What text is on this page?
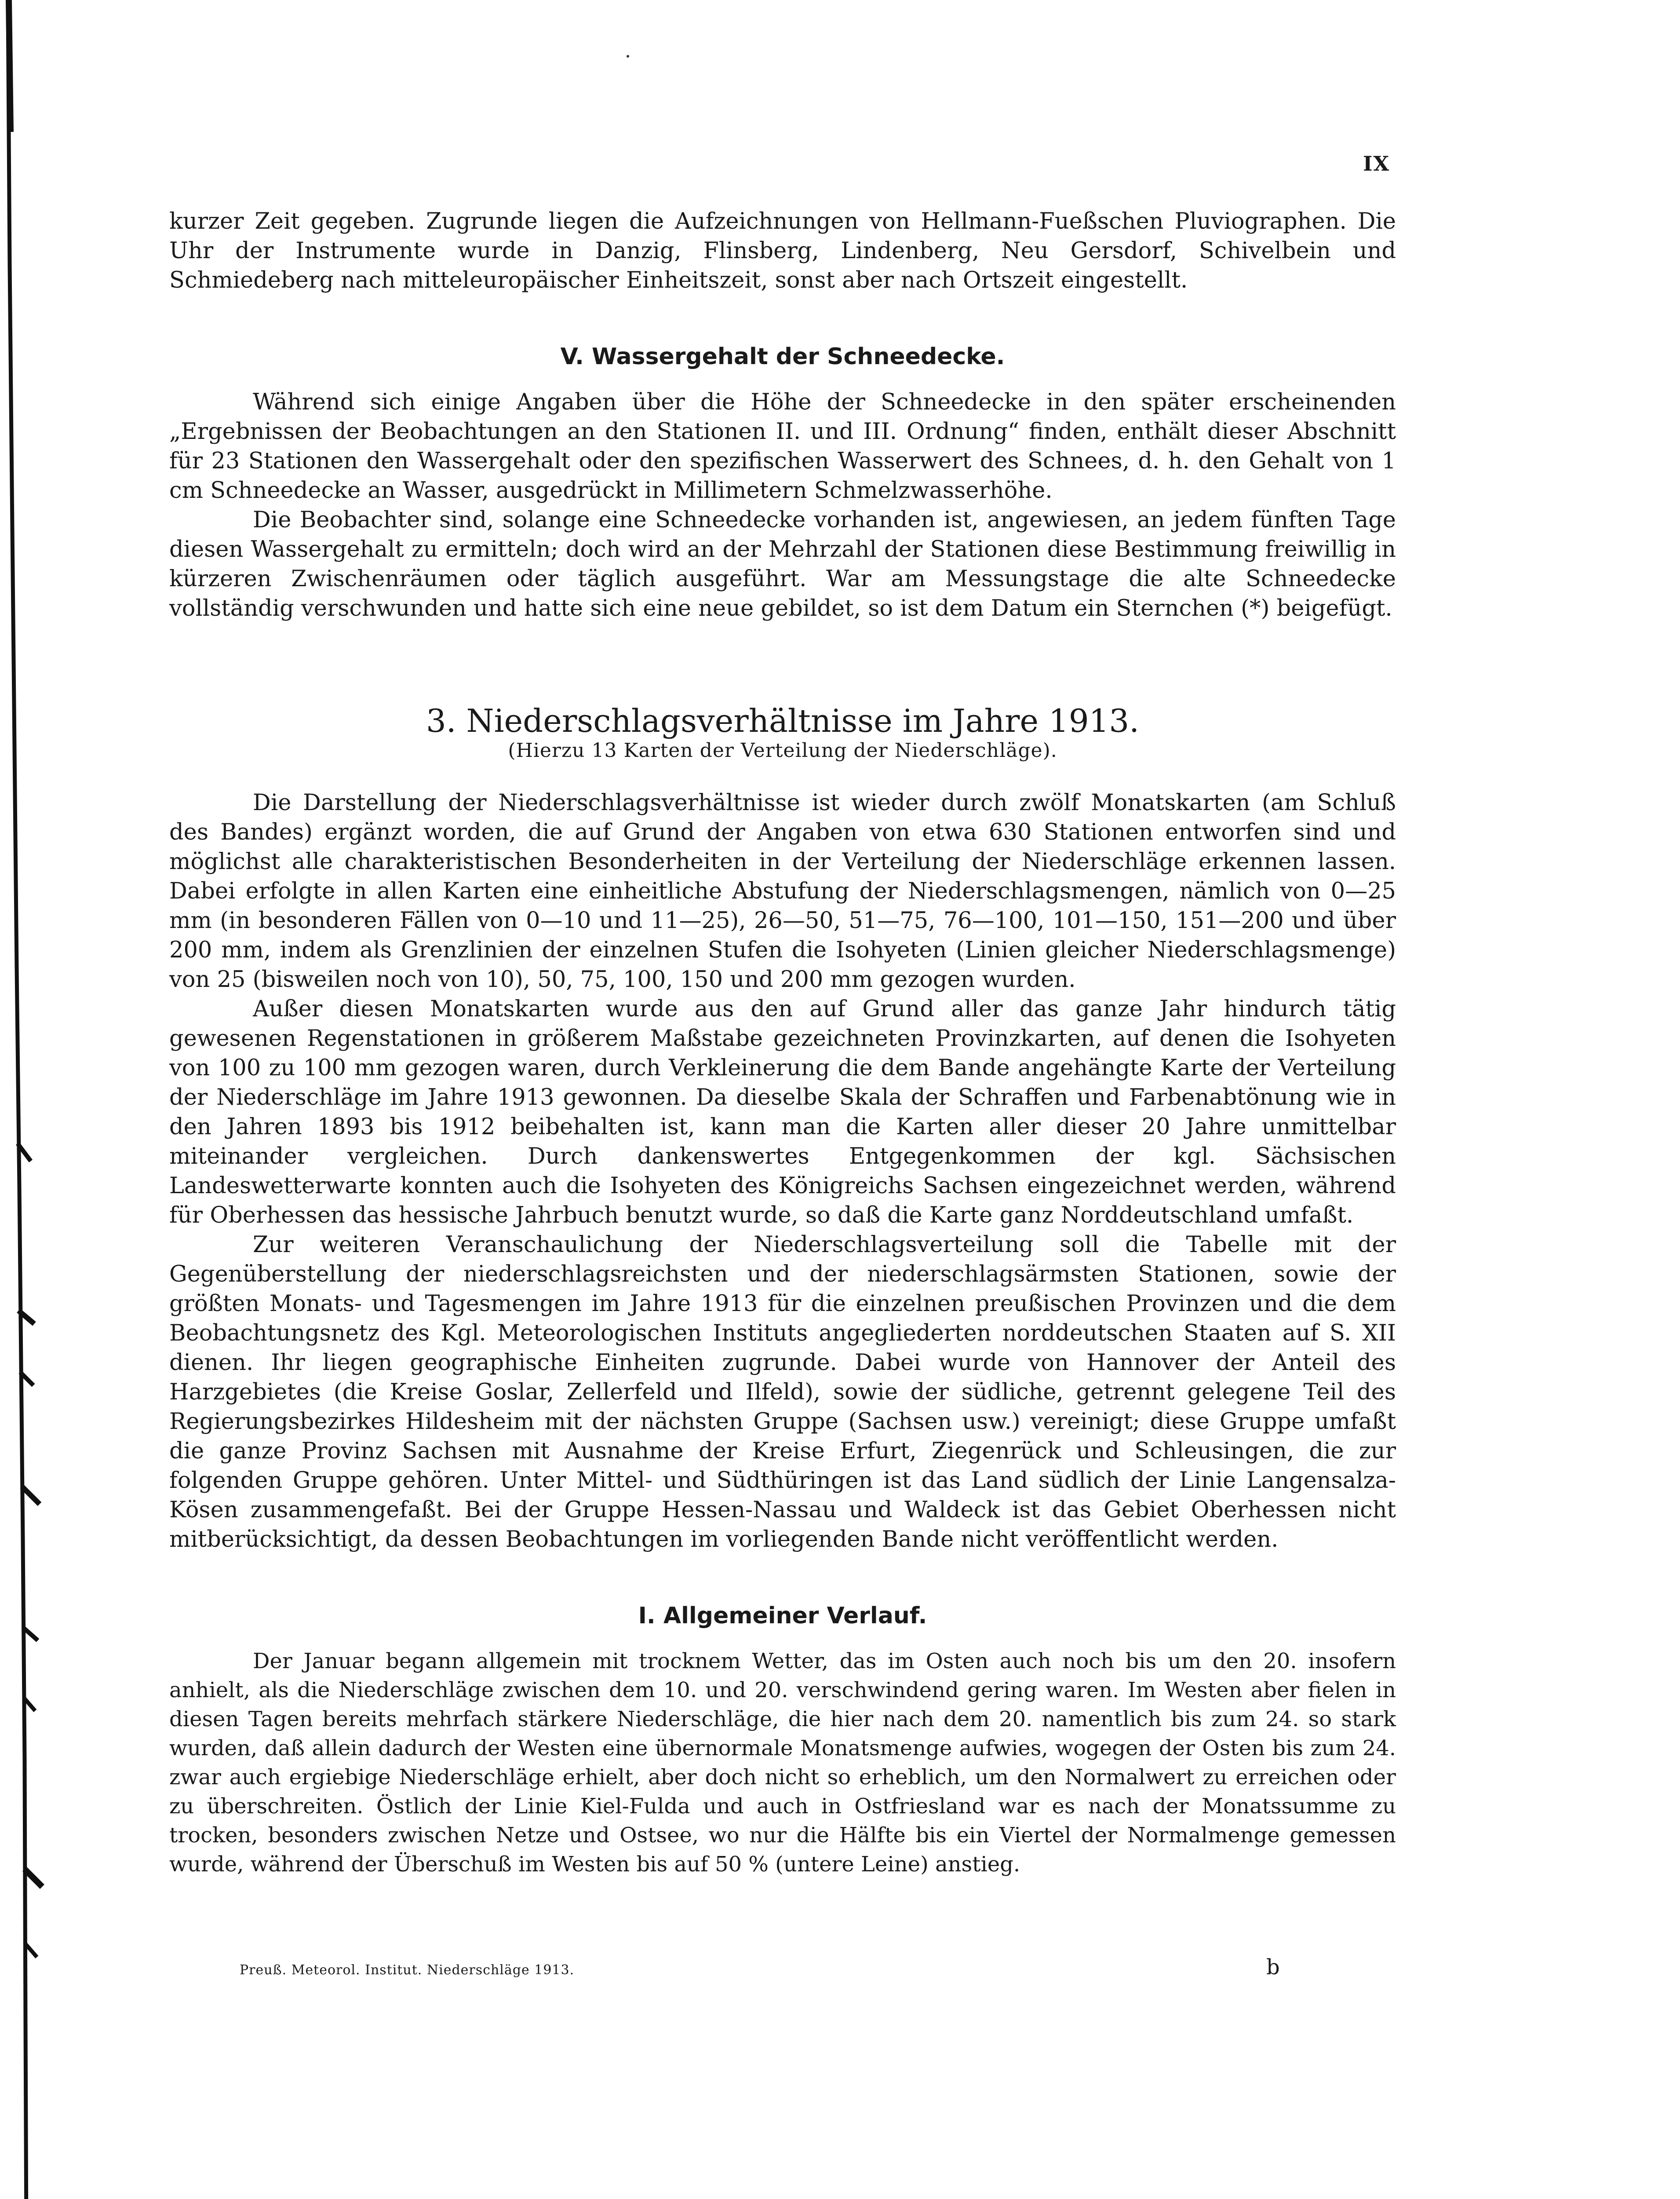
IX

kurzer Zeit gegeben. Zugrunde liegen die Aufzeichnungen von Hellmann-Fueßschen Pluviographen. Die Uhr der Instrumente wurde in Danzig, Flinsberg, Lindenberg, Neu Gersdorf, Schivelbein und Schmiedeberg nach mitteleuropäischer Einheitszeit, sonst aber nach Ortszeit eingestellt.

V. Wassergehalt der Schneedecke.

Während sich einige Angaben über die Höhe der Schneedecke in den später erscheinenden „Ergebnissen der Beobachtungen an den Stationen II. und III. Ordnung“ finden, enthält dieser Abschnitt für 23 Stationen den Wassergehalt oder den spezifischen Wasserwert des Schnees, d. h. den Gehalt von 1 cm Schneedecke an Wasser, ausgedrückt in Millimetern Schmelzwasserhöhe.

Die Beobachter sind, solange eine Schneedecke vorhanden ist, angewiesen, an jedem fünften Tage diesen Wassergehalt zu ermitteln; doch wird an der Mehrzahl der Stationen diese Bestimmung freiwillig in kürzeren Zwischenräumen oder täglich ausgeführt. War am Messungstage die alte Schneedecke vollständig verschwunden und hatte sich eine neue gebildet, so ist dem Datum ein Sternchen (*) beigefügt.

3. Niederschlagsverhältnisse im Jahre 1913.

(Hierzu 13 Karten der Verteilung der Niederschläge).

Die Darstellung der Niederschlagsverhältnisse ist wieder durch zwölf Monatskarten (am Schluß des Bandes) ergänzt worden, die auf Grund der Angaben von etwa 630 Stationen entworfen sind und möglichst alle charakteristischen Besonderheiten in der Verteilung der Niederschläge erkennen lassen. Dabei erfolgte in allen Karten eine einheitliche Abstufung der Niederschlagsmengen, nämlich von 0—25 mm (in besonderen Fällen von 0—10 und 11—25), 26—50, 51—75, 76—100, 101—150, 151—200 und über 200 mm, indem als Grenzlinien der einzelnen Stufen die Isohyeten (Linien gleicher Niederschlagsmenge) von 25 (bisweilen noch von 10), 50, 75, 100, 150 und 200 mm gezogen wurden.

Außer diesen Monatskarten wurde aus den auf Grund aller das ganze Jahr hindurch tätig gewesenen Regenstationen in größerem Maßstabe gezeichneten Provinzkarten, auf denen die Isohyeten von 100 zu 100 mm gezogen waren, durch Verkleinerung die dem Bande angehängte Karte der Verteilung der Niederschläge im Jahre 1913 gewonnen. Da dieselbe Skala der Schraffen und Farbenabtönung wie in den Jahren 1893 bis 1912 beibehalten ist, kann man die Karten aller dieser 20 Jahre unmittelbar miteinander vergleichen. Durch dankenswertes Entgegenkommen der kgl. Sächsischen Landeswetterwarte konnten auch die Isohyeten des Königreichs Sachsen eingezeichnet werden, während für Oberhessen das hessische Jahrbuch benutzt wurde, so daß die Karte ganz Norddeutschland umfaßt.

Zur weiteren Veranschaulichung der Niederschlagsverteilung soll die Tabelle mit der Gegenüberstellung der niederschlagsreichsten und der niederschlagsärmsten Stationen, sowie der größten Monats- und Tagesmengen im Jahre 1913 für die einzelnen preußischen Provinzen und die dem Beobachtungsnetz des Kgl. Meteorologischen Instituts angegliederten norddeutschen Staaten auf S. XII dienen. Ihr liegen geographische Einheiten zugrunde. Dabei wurde von Hannover der Anteil des Harzgebietes (die Kreise Goslar, Zellerfeld und Ilfeld), sowie der südliche, getrennt gelegene Teil des Regierungsbezirkes Hildesheim mit der nächsten Gruppe (Sachsen usw.) vereinigt; diese Gruppe umfaßt die ganze Provinz Sachsen mit Ausnahme der Kreise Erfurt, Ziegenrück und Schleusingen, die zur folgenden Gruppe gehören. Unter Mittel- und Südthüringen ist das Land südlich der Linie Langensalza-Kösen zusammengefaßt. Bei der Gruppe Hessen-Nassau und Waldeck ist das Gebiet Oberhessen nicht mitberücksichtigt, da dessen Beobachtungen im vorliegenden Bande nicht veröffentlicht werden.

I. Allgemeiner Verlauf.

Der Januar begann allgemein mit trocknem Wetter, das im Osten auch noch bis um den 20. insofern anhielt, als die Niederschläge zwischen dem 10. und 20. verschwindend gering waren. Im Westen aber fielen in diesen Tagen bereits mehrfach stärkere Niederschläge, die hier nach dem 20. namentlich bis zum 24. so stark wurden, daß allein dadurch der Westen eine übernormale Monatsmenge aufwies, wogegen der Osten bis zum 24. zwar auch ergiebige Niederschläge erhielt, aber doch nicht so erheblich, um den Normalwert zu erreichen oder zu überschreiten. Östlich der Linie Kiel-Fulda und auch in Ostfriesland war es nach der Monatssumme zu trocken, besonders zwischen Netze und Ostsee, wo nur die Hälfte bis ein Viertel der Normalmenge gemessen wurde, während der Überschuß im Westen bis auf 50 % (untere Leine) anstieg.

Preuß. Meteorol. Institut. Niederschläge 1913.	b
